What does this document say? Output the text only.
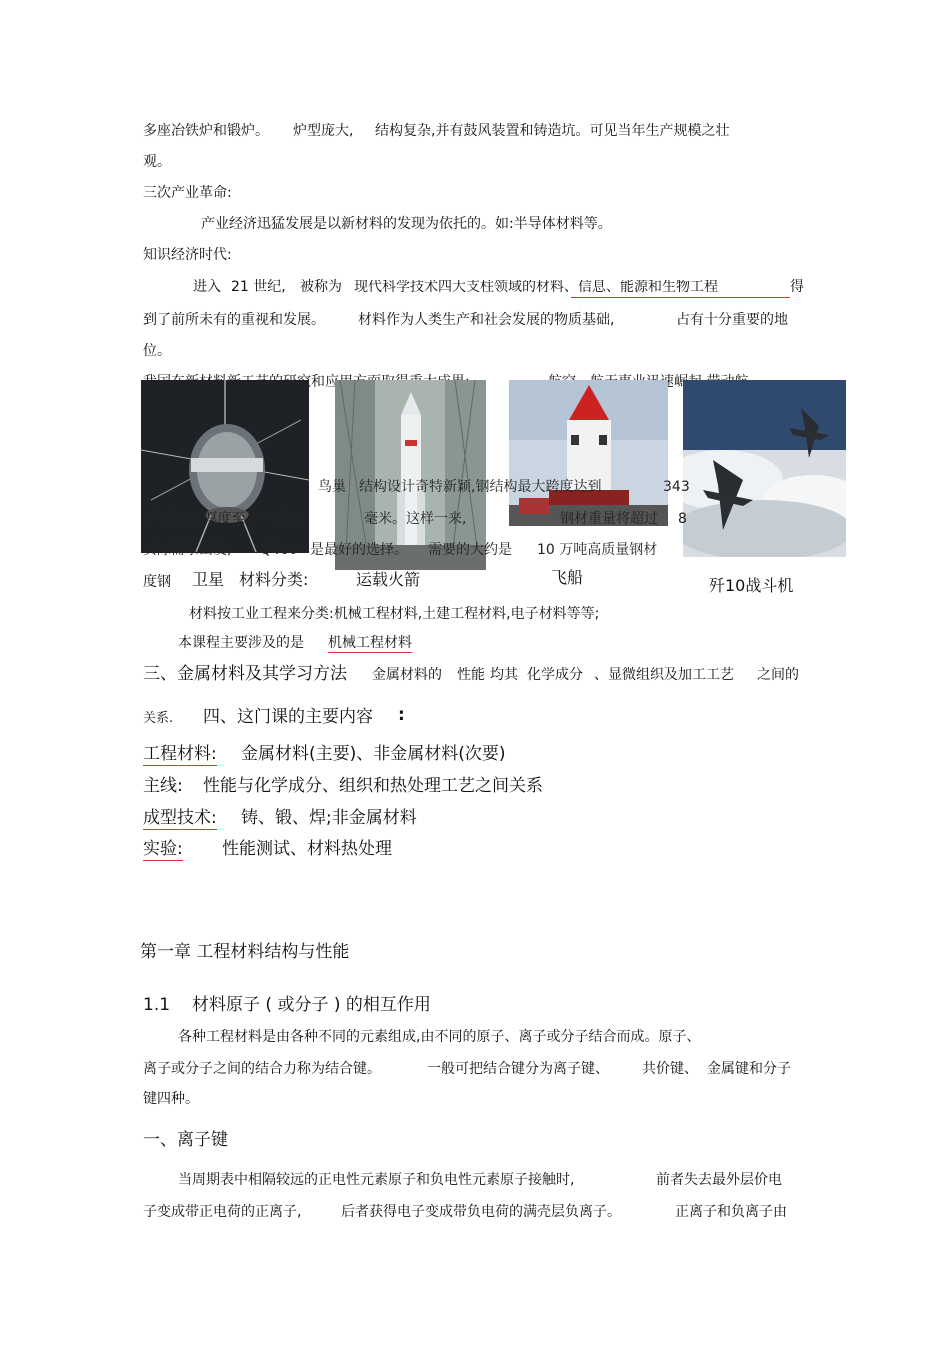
多座冶铁炉和锻炉。 炉型庞大, 结构复杂,并有鼓风装置和铸造坑。可见当年生产规模之壮
观。
三次产业革命:
产业经济迅猛发展是以新材料的发现为依托的。如:半导体材料等。
知识经济时代:
进入 21 世纪, 被称为 现代科学技术四大支柱领域的材料、信息、能源和生物工程	得
到了前所未有的重视和发展。 材料作为人类生产和社会发展的物质基础,	占有十分重要的地
位。
鸟巢 结构设计奇特新颖,钢结构最大跨度达到	343
普通钢材,厚度至少要达到	毫米。这样一来,	钢材重量将超过 8
实际需求出发, Q460 是最好的选择。 需要的大约是 10 万吨高质量钢材
度钢 卫星 材料分类:	运载火箭	飞船	歼10战斗机
材料按工业工程来分类:机械工程材料,土建工程材料,电子材料等等;
本课程主要涉及的是 机械工程材料
三、金属材料及其学习方法 金属材料的 性能 均其 化学成分 、显微组织及加工工艺 之间的
关系. 四、这门课的主要内容 :
工程材料: 金属材料(主要)、非金属材料(次要)
主线: 性能与化学成分、组织和热处理工艺之间关系
成型技术: 铸、锻、焊;非金属材料
实验: 性能测试、材料热处理
第一章 工程材料结构与性能
1.1 材料原子 ( 或分子 ) 的相互作用
各种工程材料是由各种不同的元素组成,由不同的原子、离子或分子结合而成。原子、
离子或分子之间的结合力称为结合键。	一般可把结合键分为离子键、 共价键、 金属键和分子
键四种。
一、离子键
当周期表中相隔较远的正电性元素原子和负电性元素原子接触时,	前者失去最外层价电
子变成带正电荷的正离子,	后者获得电子变成带负电荷的满壳层负离子。	正离子和负离子由
